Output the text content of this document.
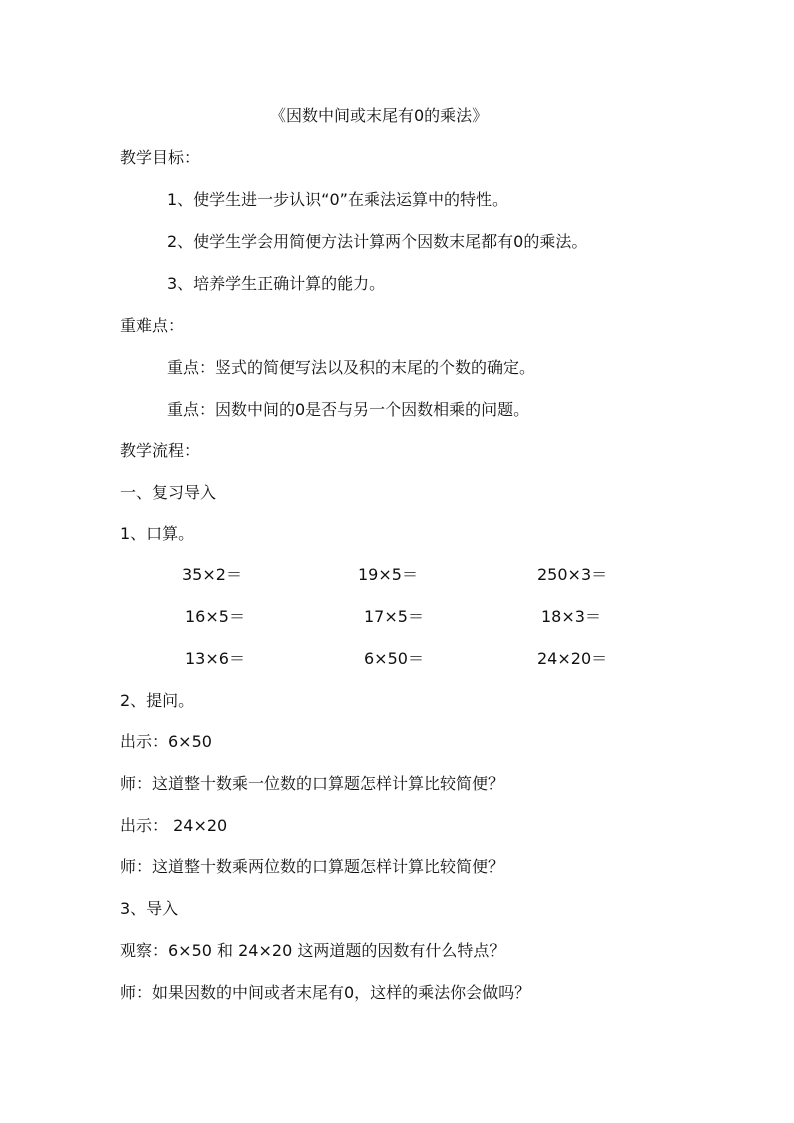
《因数中间或末尾有0的乘法》
教学目标：
1、使学生进一步认识“0”在乘法运算中的特性。
2、使学生学会用简便方法计算两个因数末尾都有0的乘法。
3、培养学生正确计算的能力。
重难点：
重点：竖式的简便写法以及积的末尾的个数的确定。
重点：因数中间的0是否与另一个因数相乘的问题。
教学流程：
一、复习导入
1、口算。
35×2＝	19×5＝	250×3＝
16×5＝	17×5＝	18×3＝
13×6＝	6×50＝	24×20＝
2、提问。
出示：6×50
师：这道整十数乘一位数的口算题怎样计算比较简便？
出示： 24×20
师：这道整十数乘两位数的口算题怎样计算比较简便？
3、导入
观察：6×50 和 24×20 这两道题的因数有什么特点？
师：如果因数的中间或者末尾有0，这样的乘法你会做吗？
